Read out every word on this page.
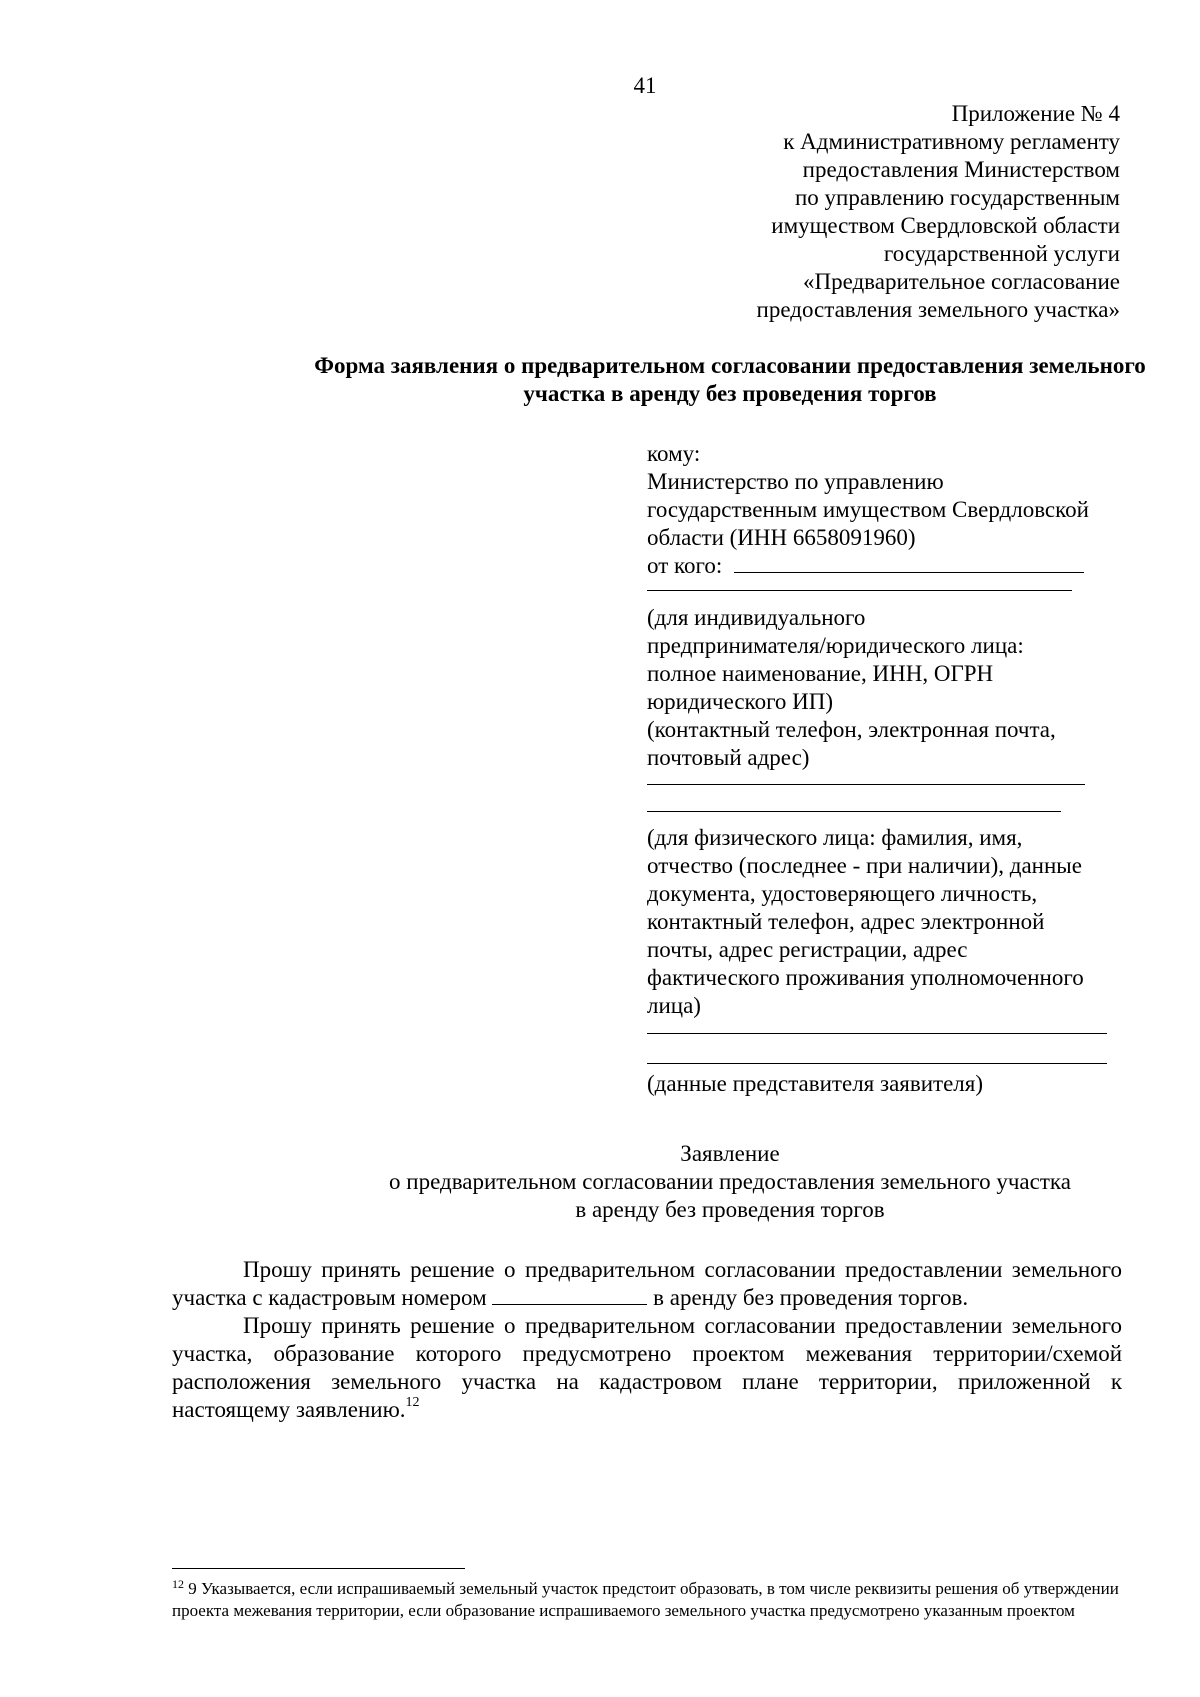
41
Приложение № 4
к Административному регламенту
предоставления Министерством
по управлению государственным
имуществом Свердловской области
государственной услуги
«Предварительное согласование
предоставления земельного участка»
Форма заявления о предварительном согласовании предоставления земельного
участка в аренду без проведения торгов
кому:
Министерство по управлению
государственным имуществом Свердловской
области (ИНН 6658091960)
от кого:
(для индивидуального
предпринимателя/юридического лица:
полное наименование, ИНН, ОГРН
юридического ИП)
(контактный телефон, электронная почта,
почтовый адрес)
(для физического лица: фамилия, имя,
отчество (последнее - при наличии), данные
документа, удостоверяющего личность,
контактный телефон, адрес электронной
почты, адрес регистрации, адрес
фактического проживания уполномоченного
лица)
(данные представителя заявителя)
Заявление
о предварительном согласовании предоставления земельного участка
в аренду без проведения торгов

Прошу принять решение о предварительном согласовании предоставлении земельного участка с кадастровым номером	в аренду без проведения торгов.

Прошу принять решение о предварительном согласовании предоставлении земельного участка, образование которого предусмотрено проектом межевания территории/схемой расположения земельного участка на кадастровом плане территории, приложенной к настоящему заявлению.$^{12}$

$^{12}$ 9 Указывается, если испрашиваемый земельный участок предстоит образовать, в том числе реквизиты решения об утверждении проекта межевания территории, если образование испрашиваемого земельного участка предусмотрено указанным проектом
